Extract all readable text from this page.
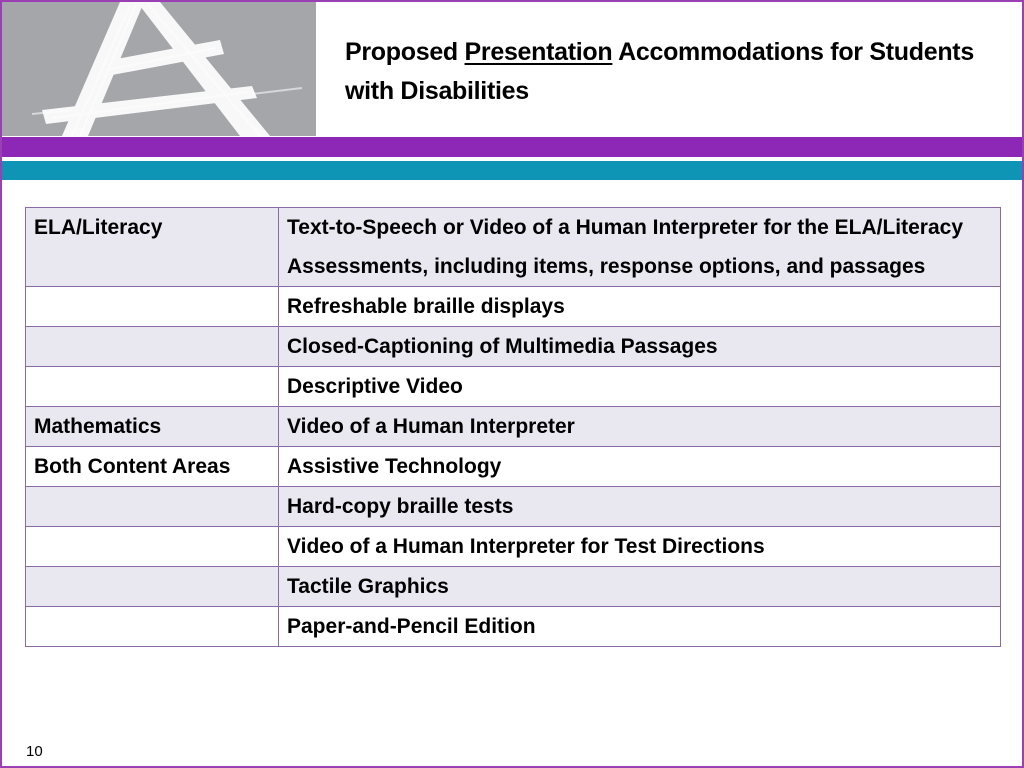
Proposed Presentation Accommodations for Students with Disabilities
ELA/Literacy	Text-to-Speech or Video of a Human Interpreter for the ELA/Literacy Assessments, including items, response options, and passages
	Refreshable braille displays
	Closed-Captioning of Multimedia Passages
	Descriptive Video
Mathematics	Video of a Human Interpreter
Both Content Areas	Assistive Technology
	Hard-copy braille tests
	Video of a Human Interpreter for Test Directions
	Tactile Graphics
	Paper-and-Pencil Edition
10
